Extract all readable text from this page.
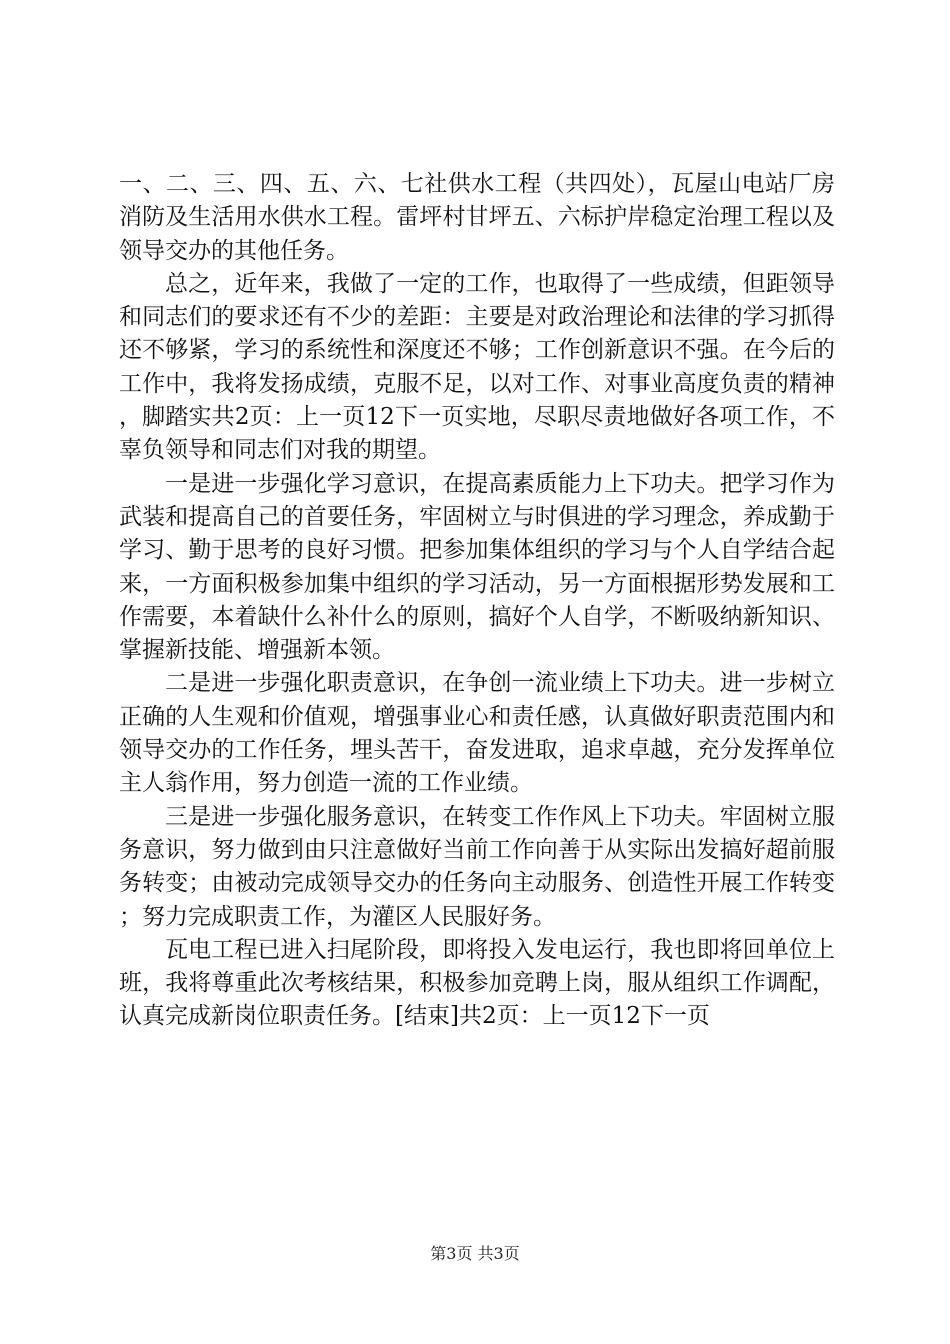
一、二、三、四、五、六、七社供水工程（共四处），瓦屋山电站厂房消防及生活用水供水工程。雷坪村甘坪五、六标护岸稳定治理工程以及领导交办的其他任务。

总之，近年来，我做了一定的工作，也取得了一些成绩，但距领导和同志们的要求还有不少的差距：主要是对政治理论和法律的学习抓得还不够紧，学习的系统性和深度还不够；工作创新意识不强。在今后的工作中，我将发扬成绩，克服不足，以对工作、对事业高度负责的精神，脚踏实共2页：上一页12下一页实地，尽职尽责地做好各项工作，不辜负领导和同志们对我的期望。

一是进一步强化学习意识，在提高素质能力上下功夫。把学习作为武装和提高自己的首要任务，牢固树立与时俱进的学习理念，养成勤于学习、勤于思考的良好习惯。把参加集体组织的学习与个人自学结合起来，一方面积极参加集中组织的学习活动，另一方面根据形势发展和工作需要，本着缺什么补什么的原则，搞好个人自学，不断吸纳新知识、掌握新技能、增强新本领。

二是进一步强化职责意识，在争创一流业绩上下功夫。进一步树立正确的人生观和价值观，增强事业心和责任感，认真做好职责范围内和领导交办的工作任务，埋头苦干，奋发进取，追求卓越，充分发挥单位主人翁作用，努力创造一流的工作业绩。

三是进一步强化服务意识，在转变工作作风上下功夫。牢固树立服务意识，努力做到由只注意做好当前工作向善于从实际出发搞好超前服务转变；由被动完成领导交办的任务向主动服务、创造性开展工作转变；努力完成职责工作，为灌区人民服好务。

瓦电工程已进入扫尾阶段，即将投入发电运行，我也即将回单位上班，我将尊重此次考核结果，积极参加竞聘上岗，服从组织工作调配，认真完成新岗位职责任务。[结束]共2页：上一页12下一页

第3页 共3页
